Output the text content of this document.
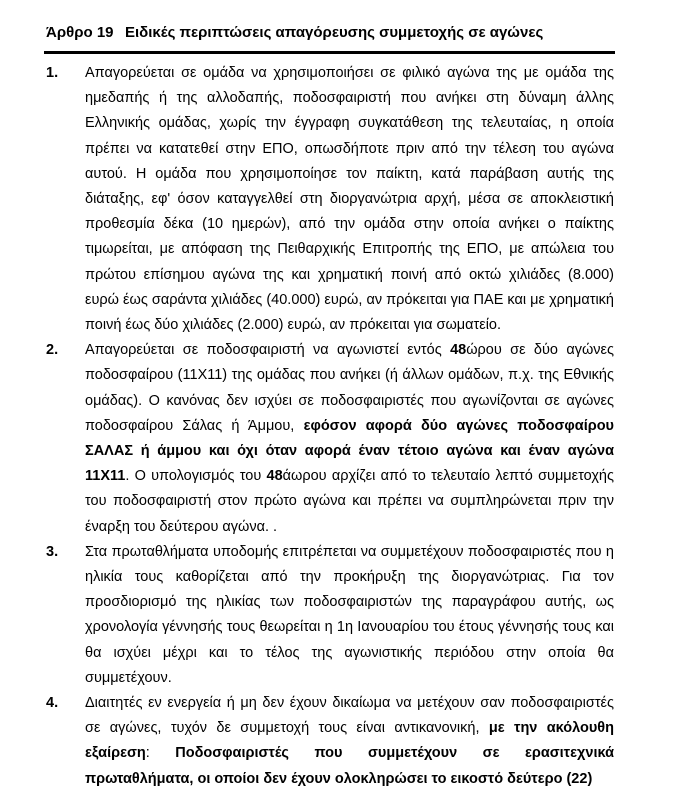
Άρθρο 19 Ειδικές περιπτώσεις απαγόρευσης συμμετοχής σε αγώνες
1.	Απαγορεύεται σε ομάδα να χρησιμοποιήσει σε φιλικό αγώνα της με ομάδα της ημεδαπής ή της αλλοδαπής, ποδοσφαιριστή που ανήκει στη δύναμη άλλης Ελληνικής ομάδας, χωρίς την έγγραφη συγκατάθεση της τελευταίας, η οποία πρέπει να κατατεθεί στην ΕΠΟ, οπωσδήποτε πριν από την τέλεση του αγώνα αυτού. Η ομάδα που χρησιμοποίησε τον παίκτη, κατά παράβαση αυτής της διάταξης, εφ' όσον καταγγελθεί στη διοργανώτρια αρχή, μέσα σε αποκλειστική προθεσμία δέκα (10 ημερών), από την ομάδα στην οποία ανήκει ο παίκτης τιμωρείται, με απόφαση της Πειθαρχικής Επιτροπής της ΕΠΟ, με απώλεια του πρώτου επίσημου αγώνα της και χρηματική ποινή από οκτώ χιλιάδες (8.000) ευρώ έως σαράντα χιλιάδες (40.000) ευρώ, αν πρόκειται για ΠΑΕ και με χρηματική ποινή έως δύο χιλιάδες (2.000) ευρώ, αν πρόκειται για σωματείο.
2.	Απαγορεύεται σε ποδοσφαιριστή να αγωνιστεί εντός 48ώρου σε δύο αγώνες ποδοσφαίρου (11Χ11) της ομάδας που ανήκει (ή άλλων ομάδων, π.χ. της Εθνικής ομάδας). Ο κανόνας δεν ισχύει σε ποδοσφαιριστές που αγωνίζονται σε αγώνες ποδοσφαίρου Σάλας ή Άμμου, εφόσον αφορά δύο αγώνες ποδοσφαίρου ΣΑΛΑΣ ή άμμου και όχι όταν αφορά έναν τέτοιο αγώνα και έναν αγώνα 11Χ11. Ο υπολογισμός του 48άωρου αρχίζει από το τελευταίο λεπτό συμμετοχής του ποδοσφαιριστή στον πρώτο αγώνα και πρέπει να συμπληρώνεται πριν την έναρξη του δεύτερου αγώνα. .
3.	Στα πρωταθλήματα υποδομής επιτρέπεται να συμμετέχουν ποδοσφαιριστές που η ηλικία τους καθορίζεται από την προκήρυξη της διοργανώτριας. Για τον προσδιορισμό της ηλικίας των ποδοσφαιριστών της παραγράφου αυτής, ως χρονολογία γέννησής τους θεωρείται η 1η Ιανουαρίου του έτους γέννησής τους και θα ισχύει μέχρι και το τέλος της αγωνιστικής περιόδου στην οποία θα συμμετέχουν.
4.	Διαιτητές εν ενεργεία ή μη δεν έχουν δικαίωμα να μετέχουν σαν ποδοσφαιριστές σε αγώνες, τυχόν δε συμμετοχή τους είναι αντικανονική, με την ακόλουθη εξαίρεση: Ποδοσφαιριστές που συμμετέχουν σε ερασιτεχνικά πρωταθλήματα, οι οποίοι δεν έχουν ολοκληρώσει το εικοστό δεύτερο (22)
